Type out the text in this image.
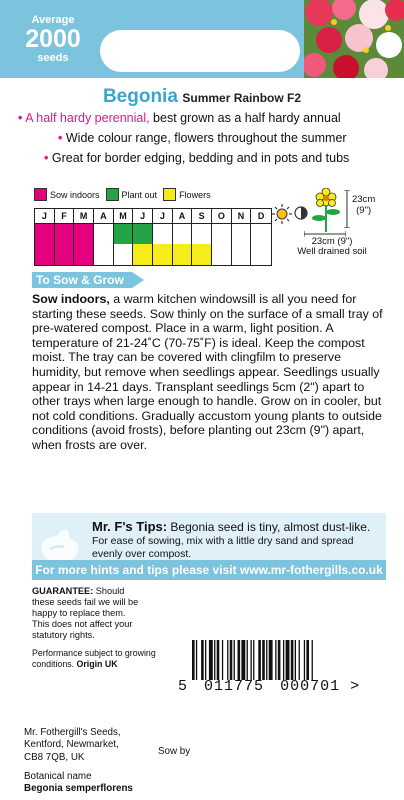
Average
2000
seeds
Begonia Summer Rainbow F2
• A half hardy perennial, best grown as a half hardy annual
• Wide colour range, flowers throughout the summer
• Great for border edging, bedding and in pots and tubs
Sow indoors Plant out Flowers
J	F	M	A	M	J	J	A	S	O	N	D
23cm
(9")
23cm (9")
Well drained soil
To Sow & Grow
Sow indoors, a warm kitchen windowsill is all you need for starting these seeds. Sow thinly on the surface of a small tray of pre-watered compost. Place in a warm, light position. A temperature of 21-24˚C (70-75˚F) is ideal. Keep the compost moist. The tray can be covered with clingfilm to preserve humidity, but remove when seedlings appear. Seedlings usually appear in 14-21 days. Transplant seedlings 5cm (2") apart to other trays when large enough to handle. Grow on in cooler, but not cold conditions. Gradually accustom young plants to outside conditions (avoid frosts), before planting out 23cm (9") apart, when frosts are over.
Mr. F's Tips: Begonia seed is tiny, almost dust-like.
For ease of sowing, mix with a little dry sand and spread evenly over compost.
For more hints and tips please visit www.mr-fothergills.co.uk
GUARANTEE: Should these seeds fail we will be happy to replace them. This does not affect your statutory rights.
Performance subject to growing conditions. Origin UK
5 011775 000701 >
Mr. Fothergill's Seeds,
Kentford, Newmarket,
CB8 7QB, UK
Sow by
Botanical name
Begonia semperflorens
